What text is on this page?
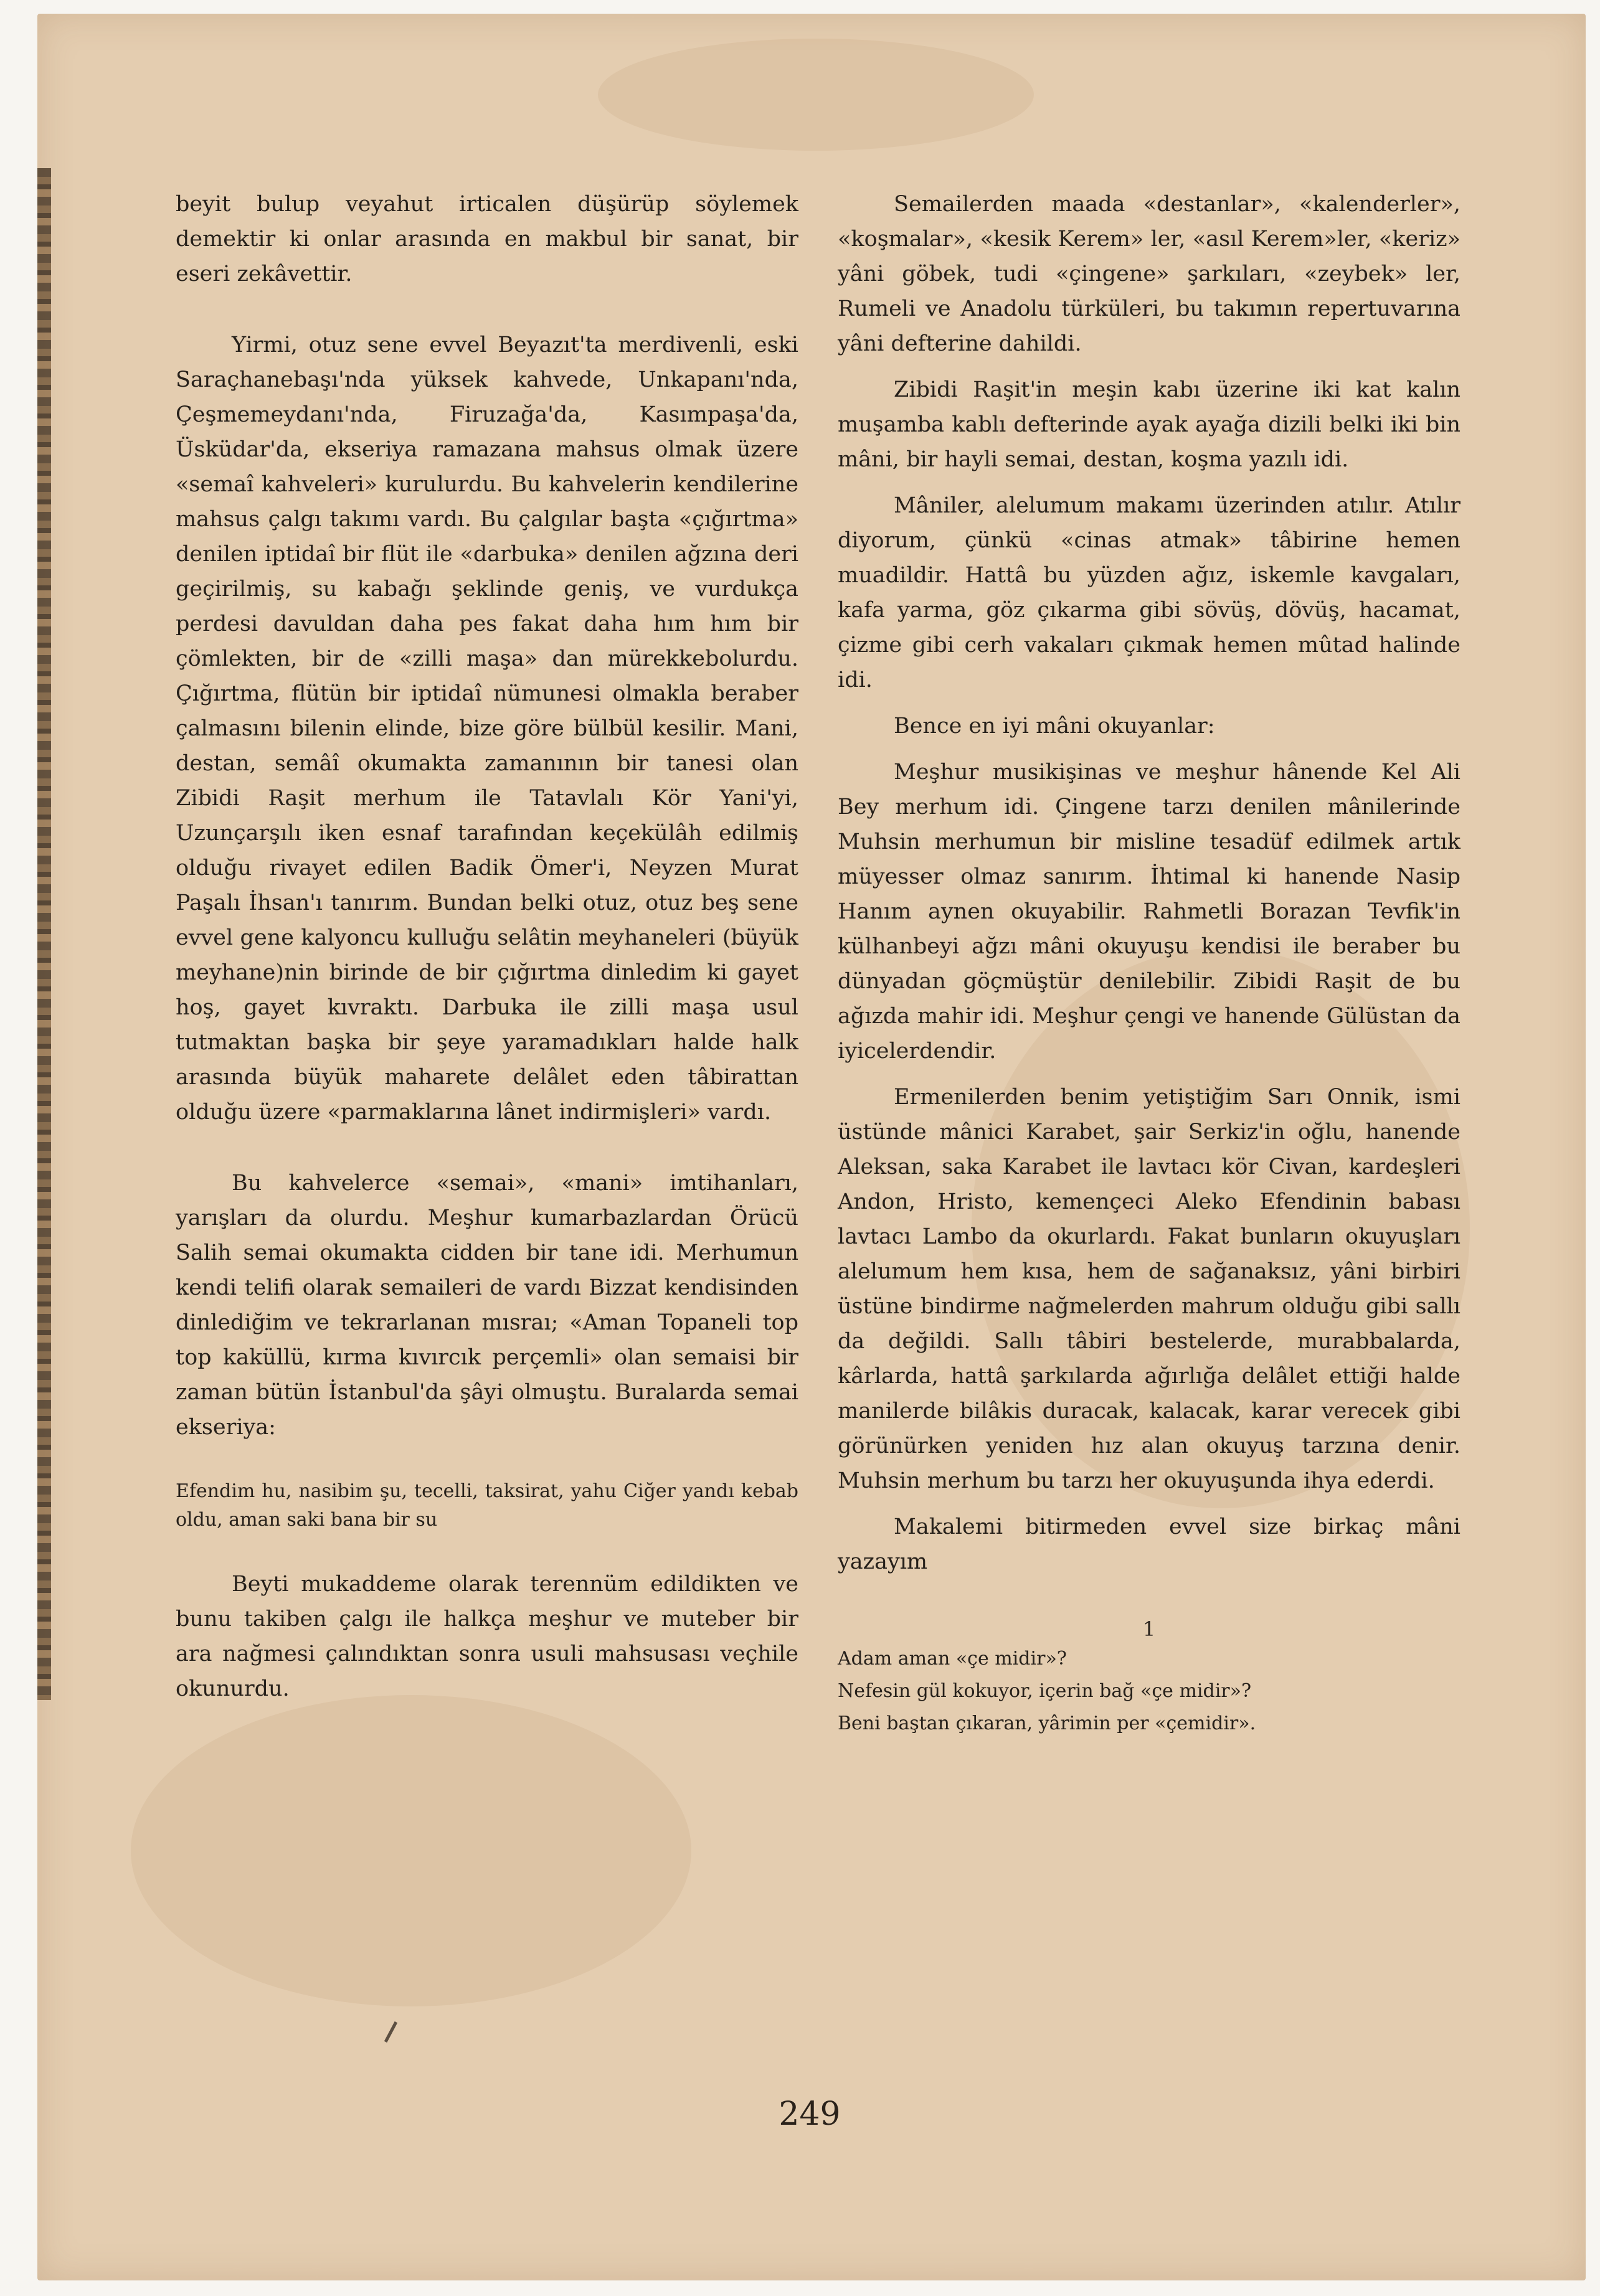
beyit bulup veyahut irticalen düşürüp söylemek demektir ki onlar arasında en makbul bir sanat, bir eseri zekâvettir.

Yirmi, otuz sene evvel Beyazıt'ta merdivenli, eski Saraçhanebaşı'nda yüksek kahvede, Unkapanı'nda, Çeşmemeydanı'nda, Firuzağa'da, Kasımpaşa'da, Üsküdar'da, ekseriya ramazana mahsus olmak üzere «semaî kahveleri» kurulurdu. Bu kahvelerin kendilerine mahsus çalgı takımı vardı. Bu çalgılar başta «çığırtma» denilen iptidaî bir flüt ile «darbuka» denilen ağzına deri geçirilmiş, su kabağı şeklinde geniş, ve vurdukça perdesi davuldan daha pes fakat daha hım hım bir çömlekten, bir de «zilli maşa» dan mürekkebolurdu. Çığırtma, flütün bir iptidaî nümunesi olmakla beraber çalmasını bilenin elinde, bize göre bülbül kesilir. Mani, destan, semâî okumakta zamanının bir tanesi olan Zibidi Raşit merhum ile Tatavlalı Kör Yani'yi, Uzunçarşılı iken esnaf tarafından keçekülâh edilmiş olduğu rivayet edilen Badik Ömer'i, Neyzen Murat Paşalı İhsan'ı tanırım. Bundan belki otuz, otuz beş sene evvel gene kalyoncu kulluğu selâtin meyhaneleri (büyük meyhane)nin birinde de bir çığırtma dinledim ki gayet hoş, gayet kıvraktı. Darbuka ile zilli maşa usul tutmaktan başka bir şeye yaramadıkları halde halk arasında büyük maharete delâlet eden tâbirattan olduğu üzere «parmaklarına lânet indirmişleri» vardı.

Bu kahvelerce «semai», «mani» imtihanları, yarışları da olurdu. Meşhur kumarbazlardan Örücü Salih semai okumakta cidden bir tane idi. Merhumun kendi telifi olarak semaileri de vardı Bizzat kendisinden dinlediğim ve tekrarlanan mısraı; «Aman Topaneli top top kaküllü, kırma kıvırcık perçemli» olan semaisi bir zaman bütün İstanbul'da şâyi olmuştu. Buralarda semai ekseriya:

Efendim hu, nasibim şu, tecelli, taksirat, yahu Ciğer yandı kebab oldu, aman saki bana bir su

Beyti mukaddeme olarak terennüm edildikten ve bunu takiben çalgı ile halkça meşhur ve muteber bir ara nağmesi çalındıktan sonra usuli mahsusası veçhile okunurdu.

Semailerden maada «destanlar», «kalenderler», «koşmalar», «kesik Kerem» ler, «asıl Kerem»ler, «keriz» yâni göbek, tudi «çingene» şarkıları, «zeybek» ler, Rumeli ve Anadolu türküleri, bu takımın repertuvarına yâni defterine dahildi.

Zibidi Raşit'in meşin kabı üzerine iki kat kalın muşamba kablı defterinde ayak ayağa dizili belki iki bin mâni, bir hayli semai, destan, koşma yazılı idi.

Mâniler, alelumum makamı üzerinden atılır. Atılır diyorum, çünkü «cinas atmak» tâbirine hemen muadildir. Hattâ bu yüzden ağız, iskemle kavgaları, kafa yarma, göz çıkarma gibi sövüş, dövüş, hacamat, çizme gibi cerh vakaları çıkmak hemen mûtad halinde idi.

Bence en iyi mâni okuyanlar:

Meşhur musikişinas ve meşhur hânende Kel Ali Bey merhum idi. Çingene tarzı denilen mânilerinde Muhsin merhumun bir misline tesadüf edilmek artık müyesser olmaz sanırım. İhtimal ki hanende Nasip Hanım aynen okuyabilir. Rahmetli Borazan Tevfik'in külhanbeyi ağzı mâni okuyuşu kendisi ile beraber bu dünyadan göçmüştür denilebilir. Zibidi Raşit de bu ağızda mahir idi. Meşhur çengi ve hanende Gülüstan da iyicelerdendir.

Ermenilerden benim yetiştiğim Sarı Onnik, ismi üstünde mânici Karabet, şair Serkiz'in oğlu, hanende Aleksan, saka Karabet ile lavtacı kör Civan, kardeşleri Andon, Hristo, kemençeci Aleko Efendinin babası lavtacı Lambo da okurlardı. Fakat bunların okuyuşları alelumum hem kısa, hem de sağanaksız, yâni birbiri üstüne bindirme nağmelerden mahrum olduğu gibi sallı da değildi. Sallı tâbiri bestelerde, murabbalarda, kârlarda, hattâ şarkılarda ağırlığa delâlet ettiği halde manilerde bilâkis duracak, kalacak, karar verecek gibi görünürken yeniden hız alan okuyuş tarzına denir. Muhsin merhum bu tarzı her okuyuşunda ihya ederdi.

Makalemi bitirmeden evvel size birkaç mâni yazayım

1
Adam aman «çe midir»?
Nefesin gül kokuyor, içerin bağ «çe midir»?
Beni baştan çıkaran, yârimin per «çemidir».
249
